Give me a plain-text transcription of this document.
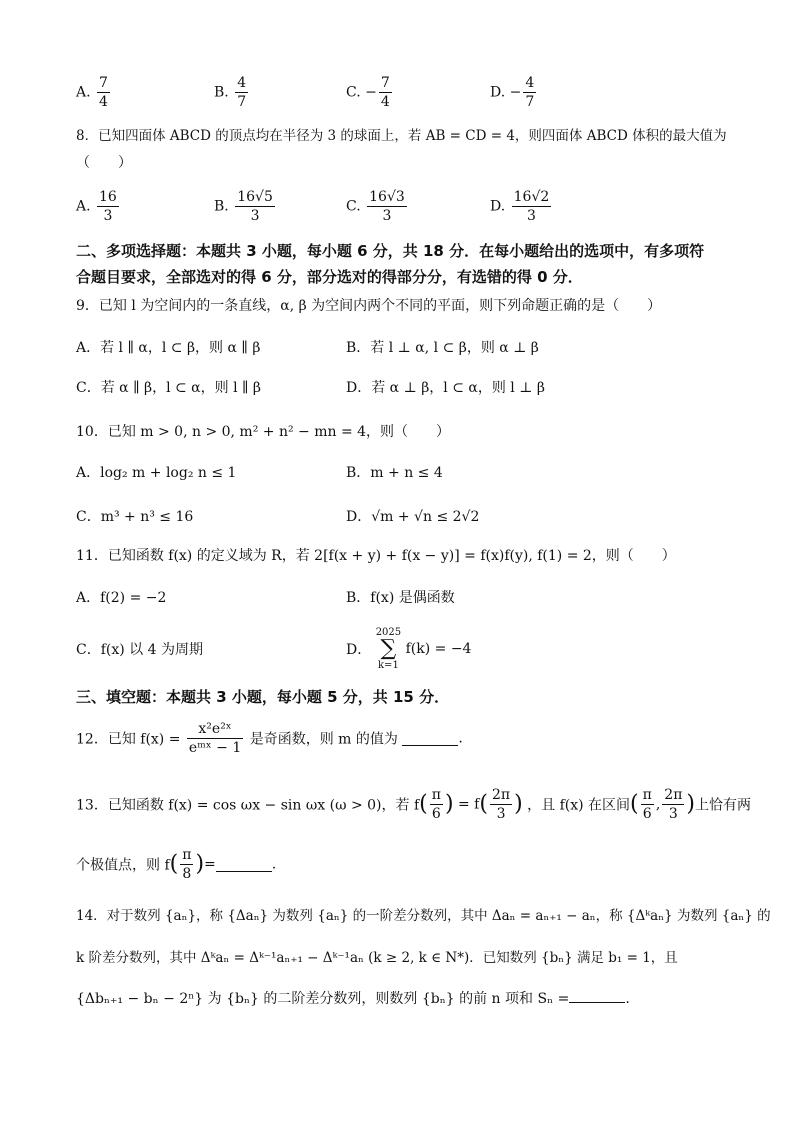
A. $\frac{7}{4}$	B. $\frac{4}{7}$	C. − $\frac{7}{4}$	D. − $\frac{4}{7}$
8．已知四面体 ABCD 的顶点均在半径为 3 的球面上，若 AB = CD = 4，则四面体 ABCD 体积的最大值为
（　　）
A. $\frac{16}{3}$	B. $\frac{16√5}{3}$	C. $\frac{16√3}{3}$	D. $\frac{16√2}{3}$
二、多项选择题：本题共 3 小题，每小题 6 分，共 18 分．在每小题给出的选项中，有多项符
合题目要求，全部选对的得 6 分，部分选对的得部分分，有选错的得 0 分．
9．已知 l 为空间内的一条直线，α, β 为空间内两个不同的平面，则下列命题正确的是（　　）
A．若 l ∥ α，l ⊂ β，则 α ∥ β	B．若 l ⊥ α, l ⊂ β，则 α ⊥ β
C．若 α ∥ β，l ⊂ α，则 l ∥ β	D．若 α ⊥ β，l ⊂ α，则 l ⊥ β
10．已知 m > 0, n > 0, m² + n² − mn = 4，则（　　）
A．log₂ m + log₂ n ≤ 1	B．m + n ≤ 4
C．m³ + n³ ≤ 16	D．√m + √n ≤ 2√2
11．已知函数 f(x) 的定义域为 R，若 2[f(x + y) + f(x − y)] = f(x)f(y), f(1) = 2，则（　　）
A．f(2) = −2	B．f(x) 是偶函数
C．f(x) 以 4 为周期	D．
2025
∑
k=1
f(k) = −4
三、填空题：本题共 3 小题，每小题 5 分，共 15 分．
12．已知 $f(x) = \frac{\text{x²e²ˣ}}{\text{eᵐˣ − 1}}$ 是奇函数，则 m 的值为	.
13．已知函数 f(x) = cos ωx − sin ωx (ω > 0)，若 $f( \frac{\pi}{6}$ ) = $f( \frac{2\pi}{3}$ ) ，且 f(x) 在区间( $\frac{\pi}{6}$ , $\frac{2\pi}{3}$ )上恰有两
个极值点，则 $f( \frac{\pi}{8}$ )=	.
14．对于数列 {aₙ}，称 {Δaₙ} 为数列 {aₙ} 的一阶差分数列，其中 Δaₙ = aₙ₊₁ − aₙ，称 {Δᵏaₙ} 为数列 {aₙ} 的
k 阶差分数列，其中 Δᵏaₙ = Δᵏ⁻¹aₙ₊₁ − Δᵏ⁻¹aₙ (k ≥ 2, k ∈ N*)．已知数列 {bₙ} 满足 b₁ = 1，且
{Δbₙ₊₁ − bₙ − 2ⁿ} 为 {bₙ} 的二阶差分数列，则数列 {bₙ} 的前 n 项和 Sₙ =	.
